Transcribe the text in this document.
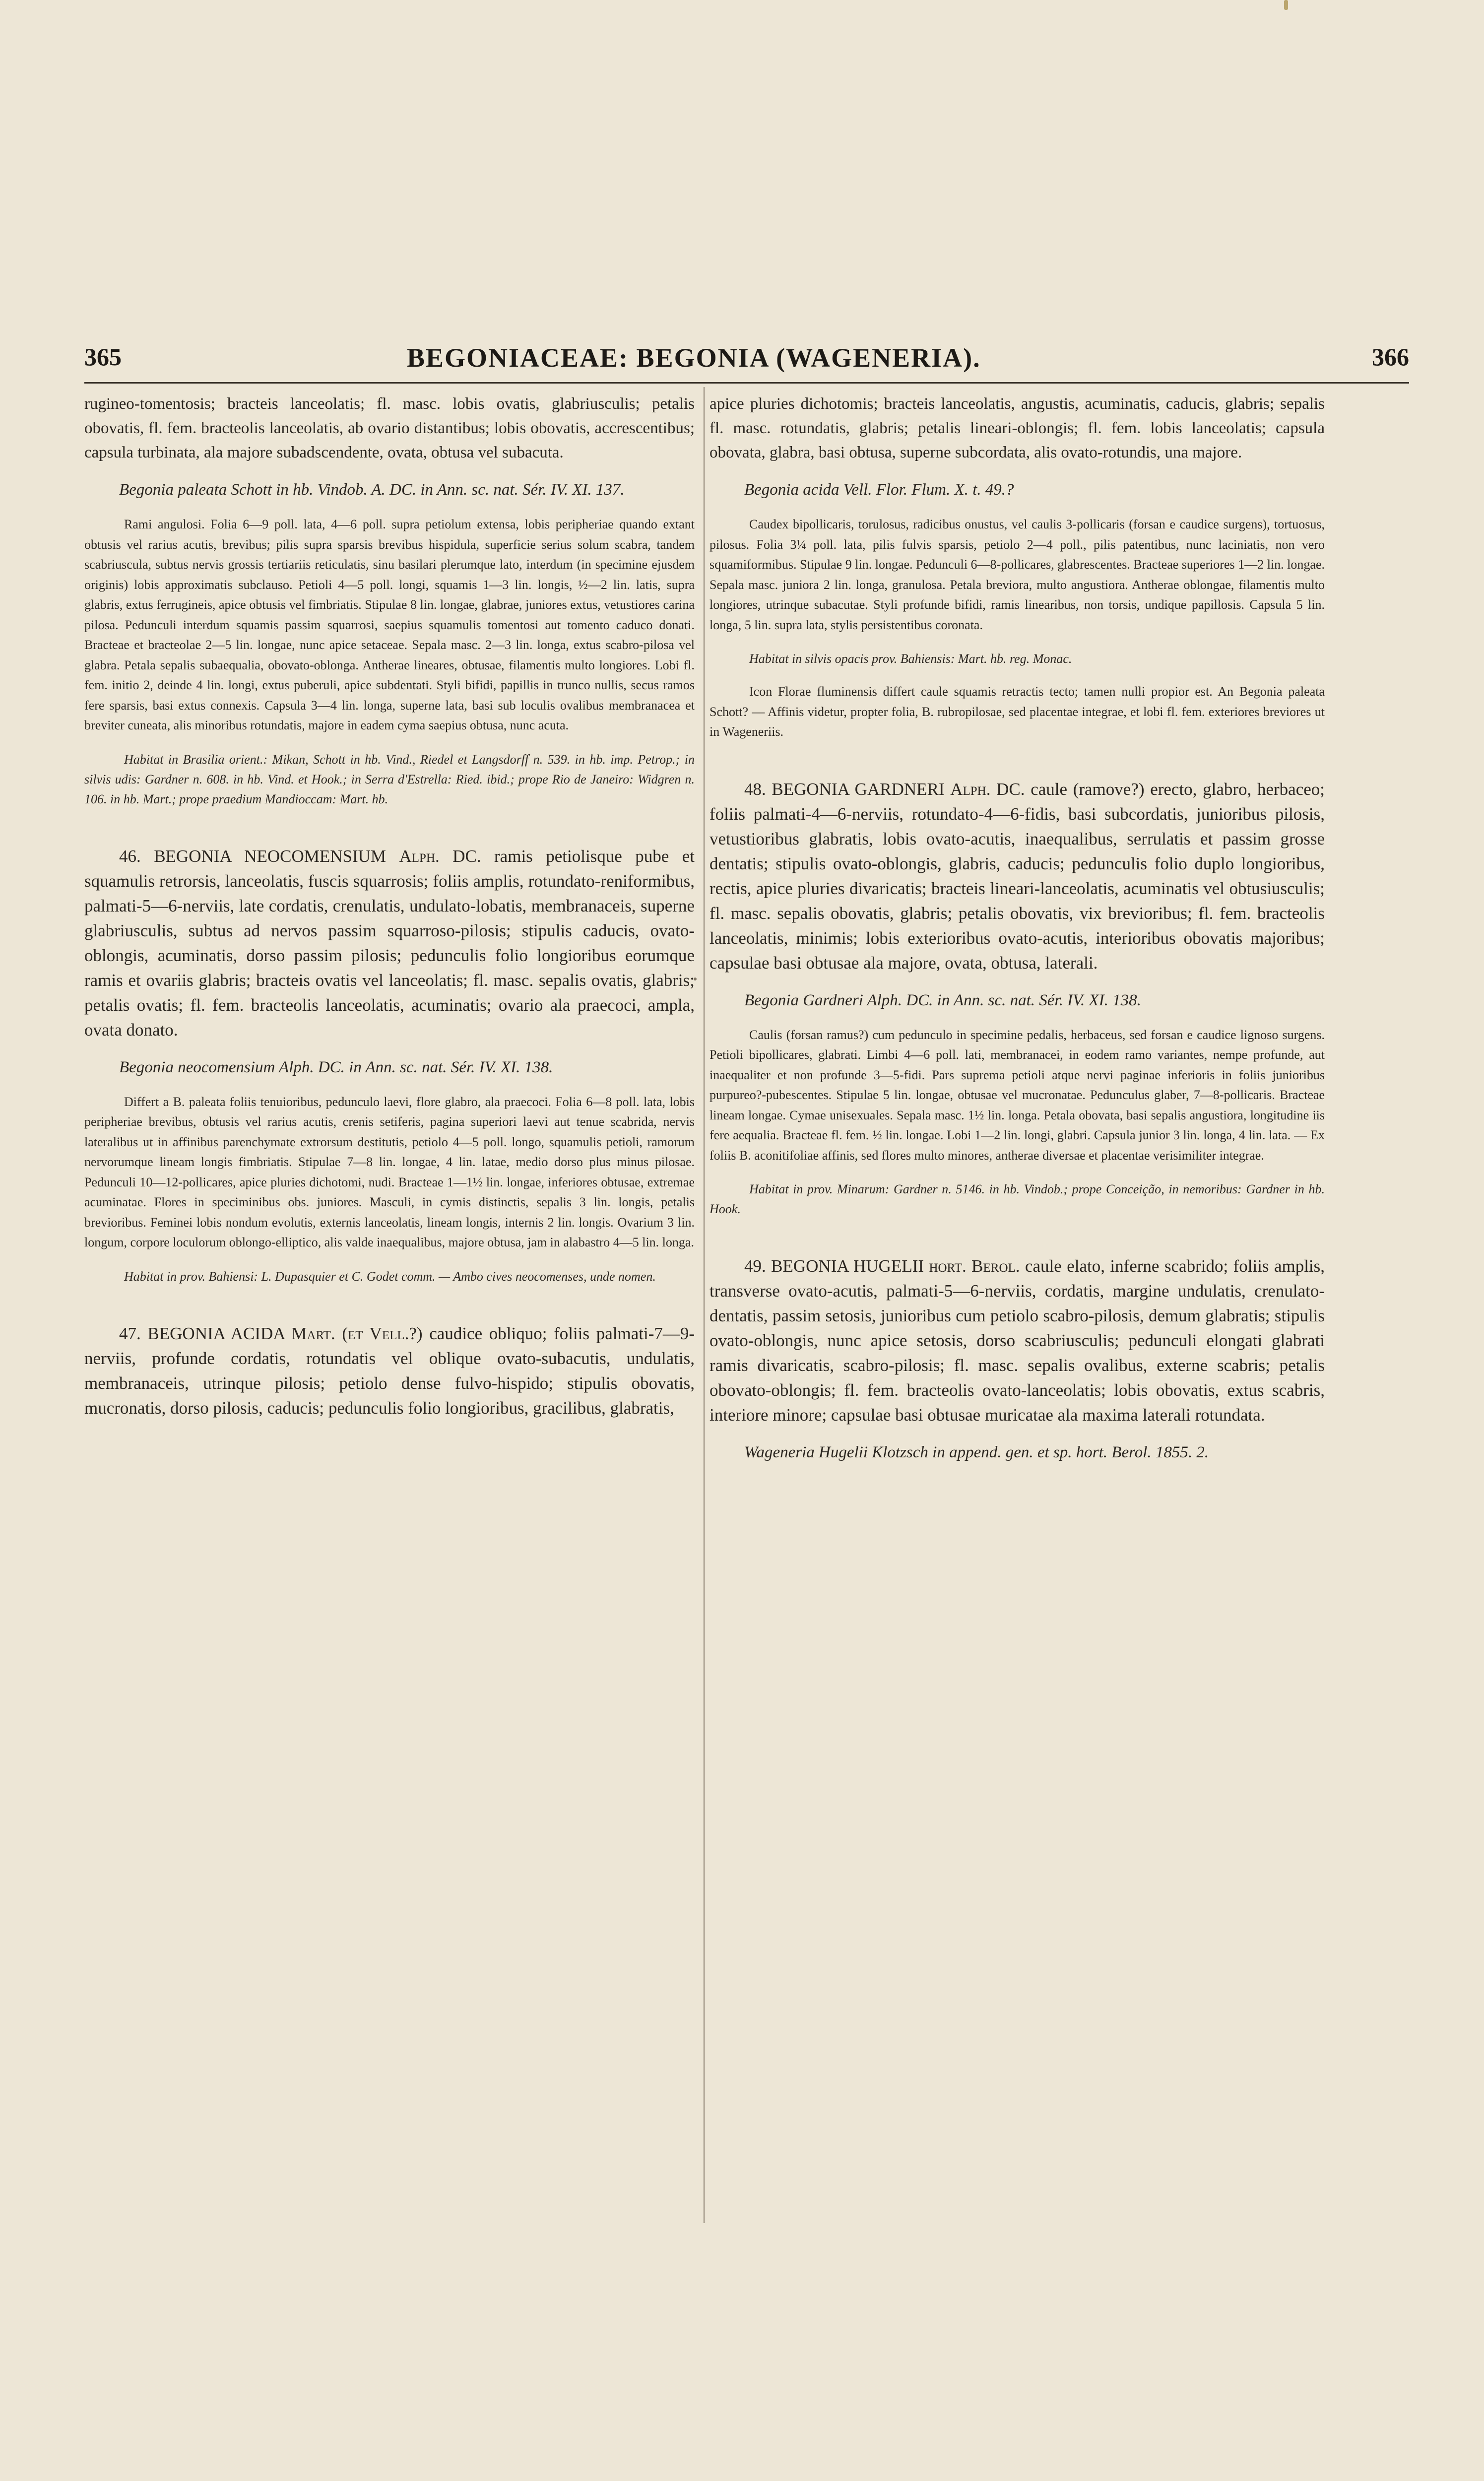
365	BEGONIACEAE: BEGONIA (WAGENERIA).	366

rugineo-tomentosis; bracteis lanceolatis; fl. masc. lobis ovatis, glabriusculis; petalis obovatis, fl. fem. bracteolis lanceolatis, ab ovario distantibus; lobis obovatis, accrescentibus; capsula turbinata, ala majore subadscendente, ovata, obtusa vel subacuta.

Begonia paleata Schott in hb. Vindob. A. DC. in Ann. sc. nat. Sér. IV. XI. 137.

Rami angulosi. Folia 6—9 poll. lata, 4—6 poll. supra petiolum extensa, lobis peripheriae quando extant obtusis vel rarius acutis, brevibus; pilis supra sparsis brevibus hispidula, superficie serius solum scabra, tandem scabriuscula, subtus nervis grossis tertiariis reticulatis, sinu basilari plerumque lato, interdum (in specimine ejusdem originis) lobis approximatis subclauso. Petioli 4—5 poll. longi, squamis 1—3 lin. longis, ½—2 lin. latis, supra glabris, extus ferrugineis, apice obtusis vel fimbriatis. Stipulae 8 lin. longae, glabrae, juniores extus, vetustiores carina pilosa. Pedunculi interdum squamis passim squarrosi, saepius squamulis tomentosi aut tomento caduco donati. Bracteae et bracteolae 2—5 lin. longae, nunc apice setaceae. Sepala masc. 2—3 lin. longa, extus scabro-pilosa vel glabra. Petala sepalis subaequalia, obovato-oblonga. Antherae lineares, obtusae, filamentis multo longiores. Lobi fl. fem. initio 2, deinde 4 lin. longi, extus puberuli, apice subdentati. Styli bifidi, papillis in trunco nullis, secus ramos fere sparsis, basi extus connexis. Capsula 3—4 lin. longa, superne lata, basi sub loculis ovalibus membranacea et breviter cuneata, alis minoribus rotundatis, majore in eadem cyma saepius obtusa, nunc acuta.

Habitat in Brasilia orient.: Mikan, Schott in hb. Vind., Riedel et Langsdorff n. 539. in hb. imp. Petrop.; in silvis udis: Gardner n. 608. in hb. Vind. et Hook.; in Serra d'Estrella: Ried. ibid.; prope Rio de Janeiro: Widgren n. 106. in hb. Mart.; prope praedium Mandioccam: Mart. hb.

46. BEGONIA NEOCOMENSIUM Alph. DC. ramis petiolisque pube et squamulis retrorsis, lanceolatis, fuscis squarrosis; foliis amplis, rotundato-reniformibus, palmati-5—6-nerviis, late cordatis, crenulatis, undulato-lobatis, membranaceis, superne glabriusculis, subtus ad nervos passim squarroso-pilosis; stipulis caducis, ovato-oblongis, acuminatis, dorso passim pilosis; pedunculis folio longioribus eorumque ramis et ovariis glabris; bracteis ovatis vel lanceolatis; fl. masc. sepalis ovatis, glabris; petalis ovatis; fl. fem. bracteolis lanceolatis, acuminatis; ovario ala praecoci, ampla, ovata donato.

Begonia neocomensium Alph. DC. in Ann. sc. nat. Sér. IV. XI. 138.

Differt a B. paleata foliis tenuioribus, pedunculo laevi, flore glabro, ala praecoci. Folia 6—8 poll. lata, lobis peripheriae brevibus, obtusis vel rarius acutis, crenis setiferis, pagina superiori laevi aut tenue scabrida, nervis lateralibus ut in affinibus parenchymate extrorsum destitutis, petiolo 4—5 poll. longo, squamulis petioli, ramorum nervorumque lineam longis fimbriatis. Stipulae 7—8 lin. longae, 4 lin. latae, medio dorso plus minus pilosae. Pedunculi 10—12-pollicares, apice pluries dichotomi, nudi. Bracteae 1—1½ lin. longae, inferiores obtusae, extremae acuminatae. Flores in speciminibus obs. juniores. Masculi, in cymis distinctis, sepalis 3 lin. longis, petalis brevioribus. Feminei lobis nondum evolutis, externis lanceolatis, lineam longis, internis 2 lin. longis. Ovarium 3 lin. longum, corpore loculorum oblongo-elliptico, alis valde inaequalibus, majore obtusa, jam in alabastro 4—5 lin. longa.

Habitat in prov. Bahiensi: L. Dupasquier et C. Godet comm. — Ambo cives neocomenses, unde nomen.

47. BEGONIA ACIDA Mart. (et Vell.?) caudice obliquo; foliis palmati-7—9-nerviis, profunde cordatis, rotundatis vel oblique ovato-subacutis, undulatis, membranaceis, utrinque pilosis; petiolo dense fulvo-hispido; stipulis obovatis, mucronatis, dorso pilosis, caducis; pedunculis folio longioribus, gracilibus, glabratis,

apice pluries dichotomis; bracteis lanceolatis, angustis, acuminatis, caducis, glabris; sepalis fl. masc. rotundatis, glabris; petalis lineari-oblongis; fl. fem. lobis lanceolatis; capsula obovata, glabra, basi obtusa, superne subcordata, alis ovato-rotundis, una majore.

Begonia acida Vell. Flor. Flum. X. t. 49.?

Caudex bipollicaris, torulosus, radicibus onustus, vel caulis 3-pollicaris (forsan e caudice surgens), tortuosus, pilosus. Folia 3¼ poll. lata, pilis fulvis sparsis, petiolo 2—4 poll., pilis patentibus, nunc laciniatis, non vero squamiformibus. Stipulae 9 lin. longae. Pedunculi 6—8-pollicares, glabrescentes. Bracteae superiores 1—2 lin. longae. Sepala masc. juniora 2 lin. longa, granulosa. Petala breviora, multo angustiora. Antherae oblongae, filamentis multo longiores, utrinque subacutae. Styli profunde bifidi, ramis linearibus, non torsis, undique papillosis. Capsula 5 lin. longa, 5 lin. supra lata, stylis persistentibus coronata.

Habitat in silvis opacis prov. Bahiensis: Mart. hb. reg. Monac.

Icon Florae fluminensis differt caule squamis retractis tecto; tamen nulli propior est. An Begonia paleata Schott? — Affinis videtur, propter folia, B. rubropilosae, sed placentae integrae, et lobi fl. fem. exteriores breviores ut in Wageneriis.

48. BEGONIA GARDNERI Alph. DC. caule (ramove?) erecto, glabro, herbaceo; foliis palmati-4—6-nerviis, rotundato-4—6-fidis, basi subcordatis, junioribus pilosis, vetustioribus glabratis, lobis ovato-acutis, inaequalibus, serrulatis et passim grosse dentatis; stipulis ovato-oblongis, glabris, caducis; pedunculis folio duplo longioribus, rectis, apice pluries divaricatis; bracteis lineari-lanceolatis, acuminatis vel obtusiusculis; fl. masc. sepalis obovatis, glabris; petalis obovatis, vix brevioribus; fl. fem. bracteolis lanceolatis, minimis; lobis exterioribus ovato-acutis, interioribus obovatis majoribus; capsulae basi obtusae ala majore, ovata, obtusa, laterali.

Begonia Gardneri Alph. DC. in Ann. sc. nat. Sér. IV. XI. 138.

Caulis (forsan ramus?) cum pedunculo in specimine pedalis, herbaceus, sed forsan e caudice lignoso surgens. Petioli bipollicares, glabrati. Limbi 4—6 poll. lati, membranacei, in eodem ramo variantes, nempe profunde, aut inaequaliter et non profunde 3—5-fidi. Pars suprema petioli atque nervi paginae inferioris in foliis junioribus purpureo?-pubescentes. Stipulae 5 lin. longae, obtusae vel mucronatae. Pedunculus glaber, 7—8-pollicaris. Bracteae lineam longae. Cymae unisexuales. Sepala masc. 1½ lin. longa. Petala obovata, basi sepalis angustiora, longitudine iis fere aequalia. Bracteae fl. fem. ½ lin. longae. Lobi 1—2 lin. longi, glabri. Capsula junior 3 lin. longa, 4 lin. lata. — Ex foliis B. aconitifoliae affinis, sed flores multo minores, antherae diversae et placentae verisimiliter integrae.

Habitat in prov. Minarum: Gardner n. 5146. in hb. Vindob.; prope Conceição, in nemoribus: Gardner in hb. Hook.

49. BEGONIA HUGELII hort. Berol. caule elato, inferne scabrido; foliis amplis, transverse ovato-acutis, palmati-5—6-nerviis, cordatis, margine undulatis, crenulato-dentatis, passim setosis, junioribus cum petiolo scabro-pilosis, demum glabratis; stipulis ovato-oblongis, nunc apice setosis, dorso scabriusculis; pedunculi elongati glabrati ramis divaricatis, scabro-pilosis; fl. masc. sepalis ovalibus, externe scabris; petalis obovato-oblongis; fl. fem. bracteolis ovato-lanceolatis; lobis obovatis, extus scabris, interiore minore; capsulae basi obtusae muricatae ala maxima laterali rotundata.

Wageneria Hugelii Klotzsch in append. gen. et sp. hort. Berol. 1855. 2.
